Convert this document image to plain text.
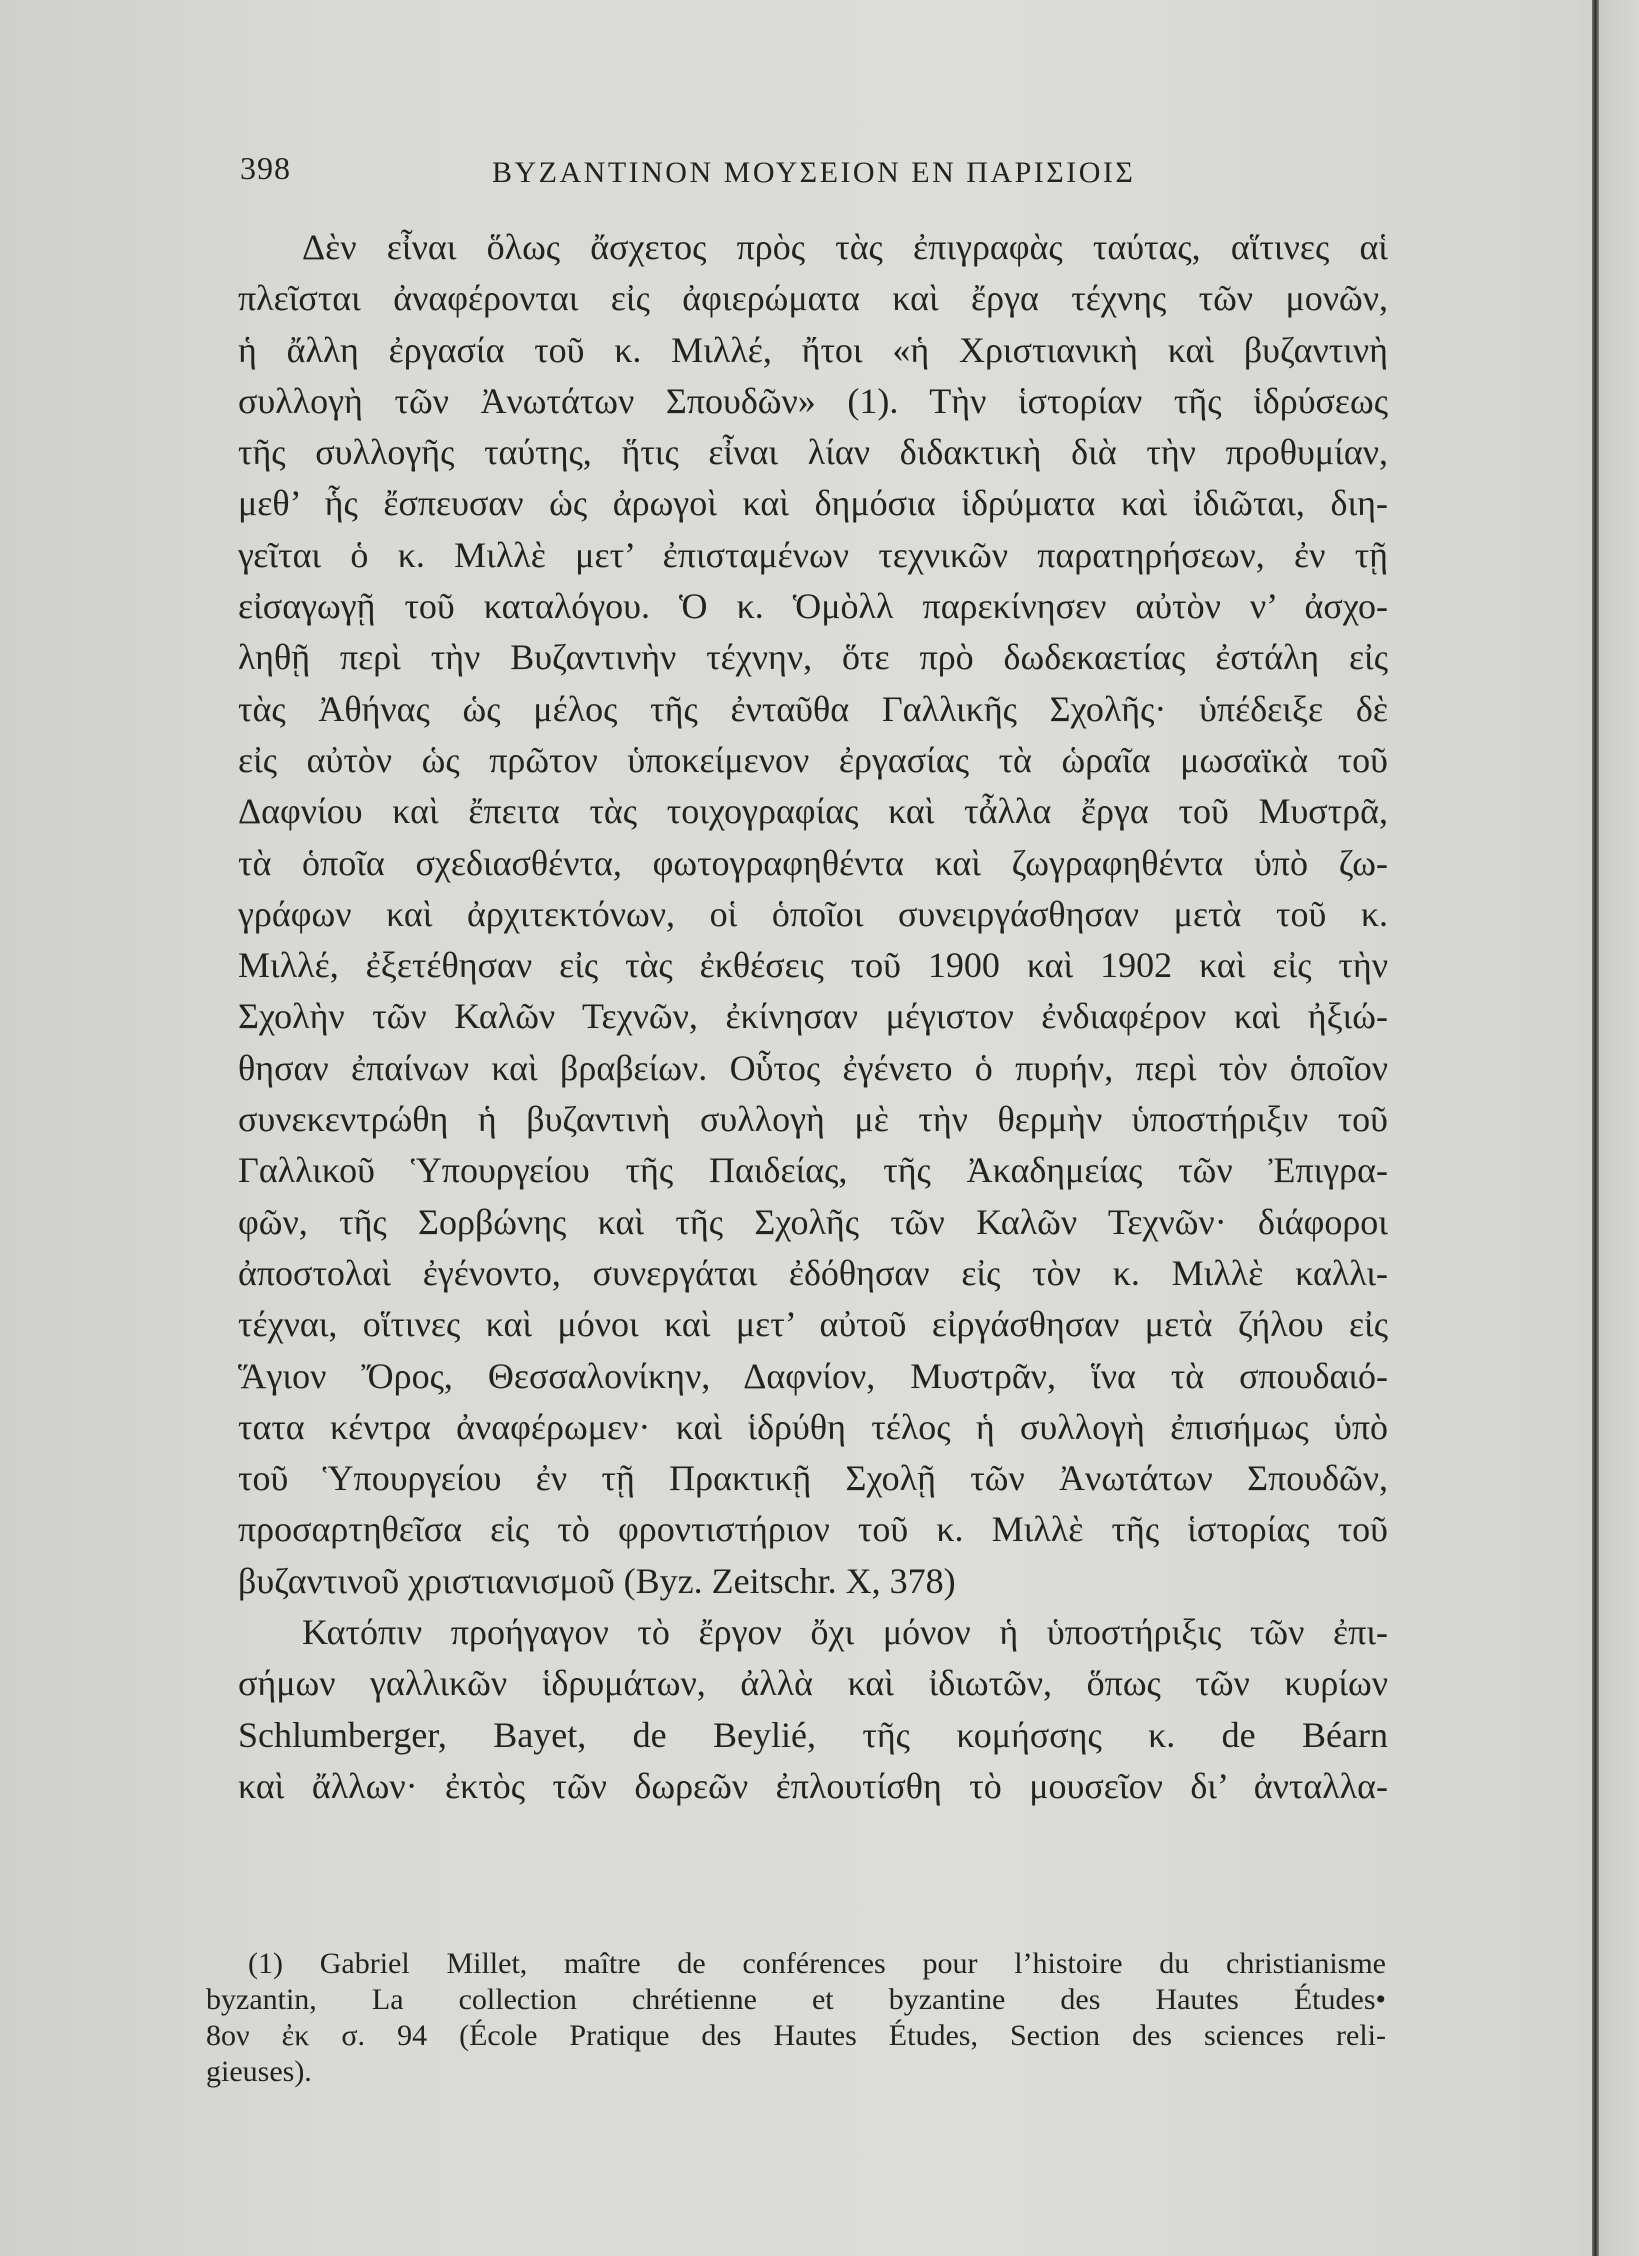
398	ΒΥΖΑΝΤΙΝΟΝ ΜΟΥΣΕΙΟΝ ΕΝ ΠΑΡΙΣΙΟΙΣ
Δὲν εἶναι ὅλως ἄσχετος πρὸς τὰς ἐπιγραφὰς ταύτας, αἵτινες αἱ
πλεῖσται ἀναφέρονται εἰς ἀφιερώματα καὶ ἔργα τέχνης τῶν μονῶν,
ἡ ἄλλη ἐργασία τοῦ κ. Μιλλέ, ἤτοι «ἡ Χριστιανικὴ καὶ βυζαντινὴ
συλλογὴ τῶν Ἀνωτάτων Σπουδῶν» (1). Τὴν ἱστορίαν τῆς ἱδρύσεως
τῆς συλλογῆς ταύτης, ἥτις εἶναι λίαν διδακτικὴ διὰ τὴν προθυμίαν,
μεθ’ ἧς ἔσπευσαν ὡς ἀρωγοὶ καὶ δημόσια ἱδρύματα καὶ ἰδιῶται, διη-
γεῖται ὁ κ. Μιλλὲ μετ’ ἐπισταμένων τεχνικῶν παρατηρήσεων, ἐν τῇ
εἰσαγωγῇ τοῦ καταλόγου. Ὁ κ. Ὁμὸλλ παρεκίνησεν αὐτὸν ν’ ἀσχο-
ληθῇ περὶ τὴν Βυζαντινὴν τέχνην, ὅτε πρὸ δωδεκαετίας ἐστάλη εἰς
τὰς Ἀθήνας ὡς μέλος τῆς ἐνταῦθα Γαλλικῆς Σχολῆς· ὑπέδειξε δὲ
εἰς αὐτὸν ὡς πρῶτον ὑποκείμενον ἐργασίας τὰ ὡραῖα μωσαϊκὰ τοῦ
Δαφνίου καὶ ἔπειτα τὰς τοιχογραφίας καὶ τἆλλα ἔργα τοῦ Μυστρᾶ,
τὰ ὁποῖα σχεδιασθέντα, φωτογραφηθέντα καὶ ζωγραφηθέντα ὑπὸ ζω-
γράφων καὶ ἀρχιτεκτόνων, οἱ ὁποῖοι συνειργάσθησαν μετὰ τοῦ κ.
Μιλλέ, ἐξετέθησαν εἰς τὰς ἐκθέσεις τοῦ 1900 καὶ 1902 καὶ εἰς τὴν
Σχολὴν τῶν Καλῶν Τεχνῶν, ἐκίνησαν μέγιστον ἐνδιαφέρον καὶ ἠξιώ-
θησαν ἐπαίνων καὶ βραβείων. Οὗτος ἐγένετο ὁ πυρήν, περὶ τὸν ὁποῖον
συνεκεντρώθη ἡ βυζαντινὴ συλλογὴ μὲ τὴν θερμὴν ὑποστήριξιν τοῦ
Γαλλικοῦ Ὑπουργείου τῆς Παιδείας, τῆς Ἀκαδημείας τῶν Ἐπιγρα-
φῶν, τῆς Σορβώνης καὶ τῆς Σχολῆς τῶν Καλῶν Τεχνῶν· διάφοροι
ἀποστολαὶ ἐγένοντο, συνεργάται ἐδόθησαν εἰς τὸν κ. Μιλλὲ καλλι-
τέχναι, οἵτινες καὶ μόνοι καὶ μετ’ αὐτοῦ εἰργάσθησαν μετὰ ζήλου εἰς
Ἅγιον Ὄρος, Θεσσαλονίκην, Δαφνίον, Μυστρᾶν, ἵνα τὰ σπουδαιό-
τατα κέντρα ἀναφέρωμεν· καὶ ἱδρύθη τέλος ἡ συλλογὴ ἐπισήμως ὑπὸ
τοῦ Ὑπουργείου ἐν τῇ Πρακτικῇ Σχολῇ τῶν Ἀνωτάτων Σπουδῶν,
προσαρτηθεῖσα εἰς τὸ φροντιστήριον τοῦ κ. Μιλλὲ τῆς ἱστορίας τοῦ
βυζαντινοῦ χριστιανισμοῦ (Byz. Zeitschr. X, 378)
Κατόπιν προήγαγον τὸ ἔργον ὄχι μόνον ἡ ὑποστήριξις τῶν ἐπι-
σήμων γαλλικῶν ἱδρυμάτων, ἀλλὰ καὶ ἰδιωτῶν, ὅπως τῶν κυρίων
Schlumberger, Bayet, de Beylié, τῆς κομήσσης κ. de Béarn
καὶ ἄλλων· ἐκτὸς τῶν δωρεῶν ἐπλουτίσθη τὸ μουσεῖον δι’ ἀνταλλα-
(1) Gabriel Millet, maître de conférences pour l’histoire du christianisme
byzantin, La collection chrétienne et byzantine des Hautes Études•
8ον ἐκ σ. 94 (École Pratique des Hautes Études, Section des sciences reli-
gieuses).
